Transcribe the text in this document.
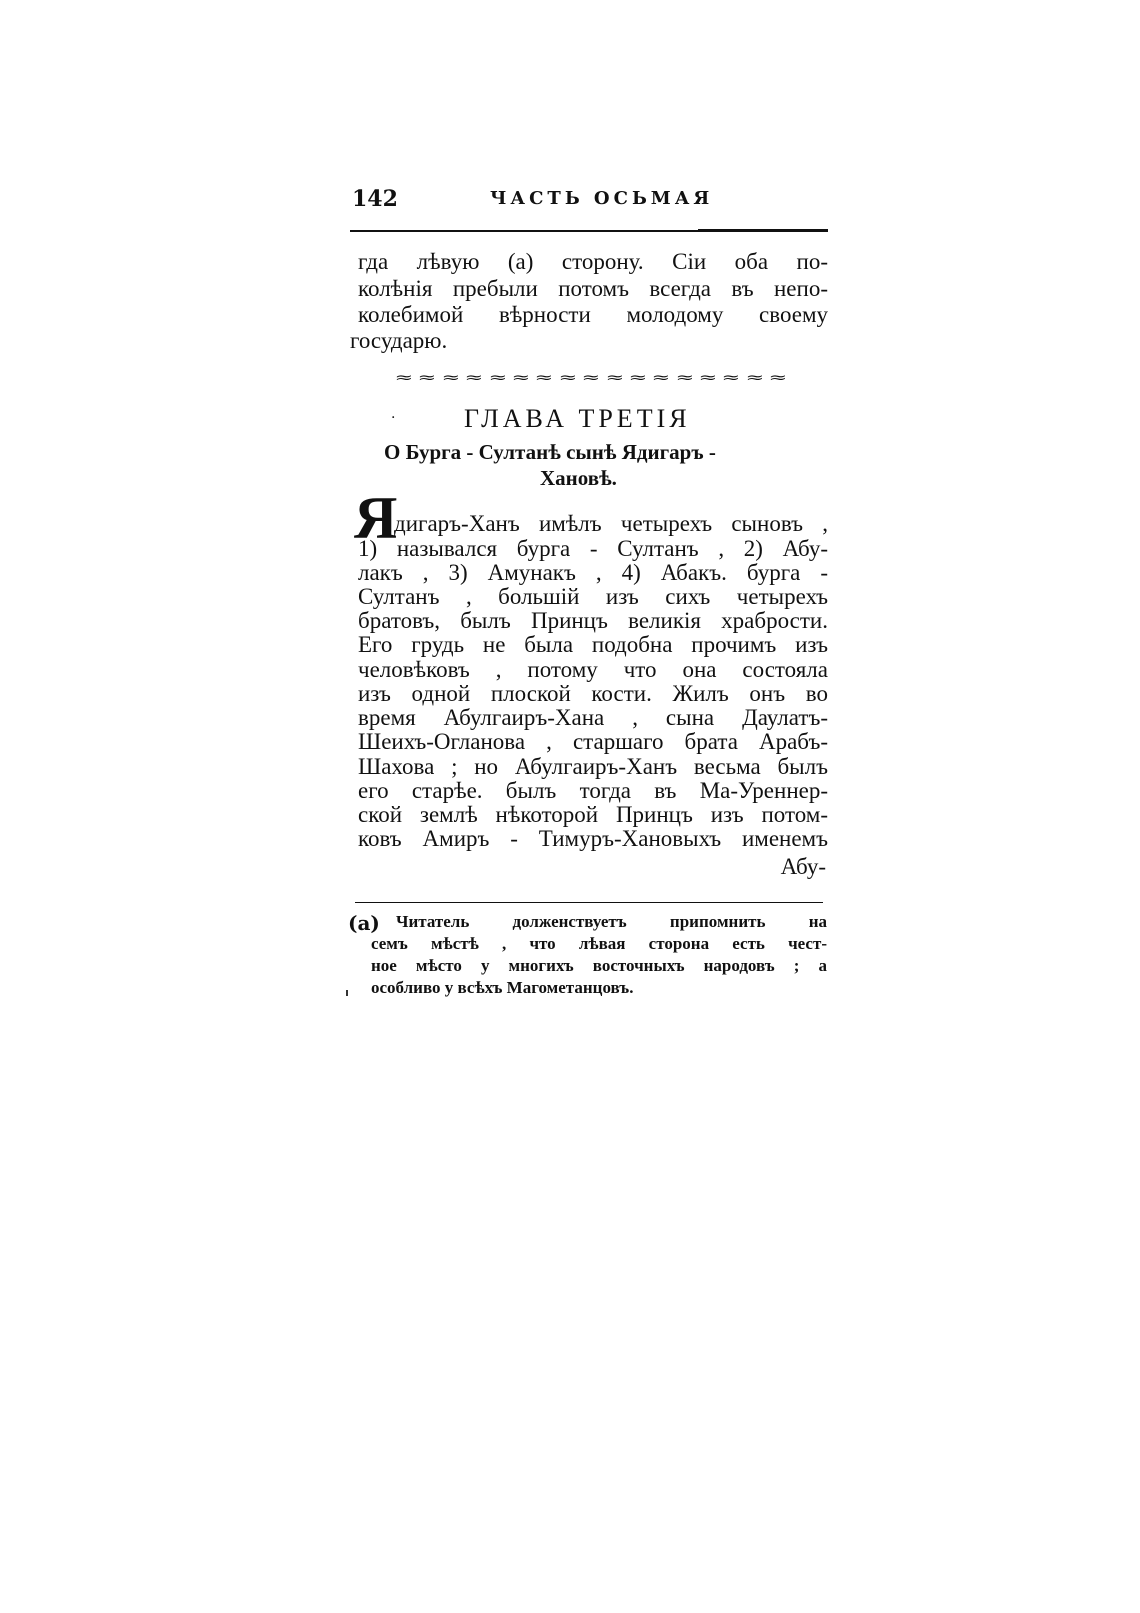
142	ЧАСТЬ ОСЬМАЯ
гда лѣвую (а) сторону. Сіи оба по-
колѣнія пребыли потомъ всегда въ непо-
колебимой вѣрности молодому своему
государю.
≈ ≈ ≈ ≈ ≈ ≈ ≈ ≈ ≈ ≈ ≈ ≈ ≈ ≈ ≈ ≈ ≈
·	ГЛАВА ТРЕТІЯ
О Бурга - Султанѣ сынѣ Ядигаръ -
Хановѣ.
Я
дигаръ-Ханъ имѣлъ четырехъ сыновъ ,
1) назывался бурга - Султанъ , 2) Абу-
лакъ , 3) Амунакъ , 4) Абакъ. бурга -
Султанъ , большій изъ сихъ четырехъ
братовъ, былъ Принцъ великія храбрости.
Его грудь не была подобна прочимъ изъ
человѣковъ , потому что она состояла
изъ одной плоской кости. Жилъ онъ во
время Абулгаиръ-Хана , сына Даулатъ-
Шеихъ-Огланова , старшаго брата Арабъ-
Шахова ; но Абулгаиръ-Ханъ весьма былъ
его старѣе. былъ тогда въ Ма-Уреннер-
ской землѣ нѣкоторой Принцъ изъ потом-
ковъ Амиръ - Тимуръ-Хановыхъ именемъ
Абу-
(а) Читатель долженствуетъ припомнить на
семъ мѣстѣ , что лѣвая сторона есть чест-
ное мѣсто у многихъ восточныхъ народовъ ; а
особливо у всѣхъ Магометанцовъ.
